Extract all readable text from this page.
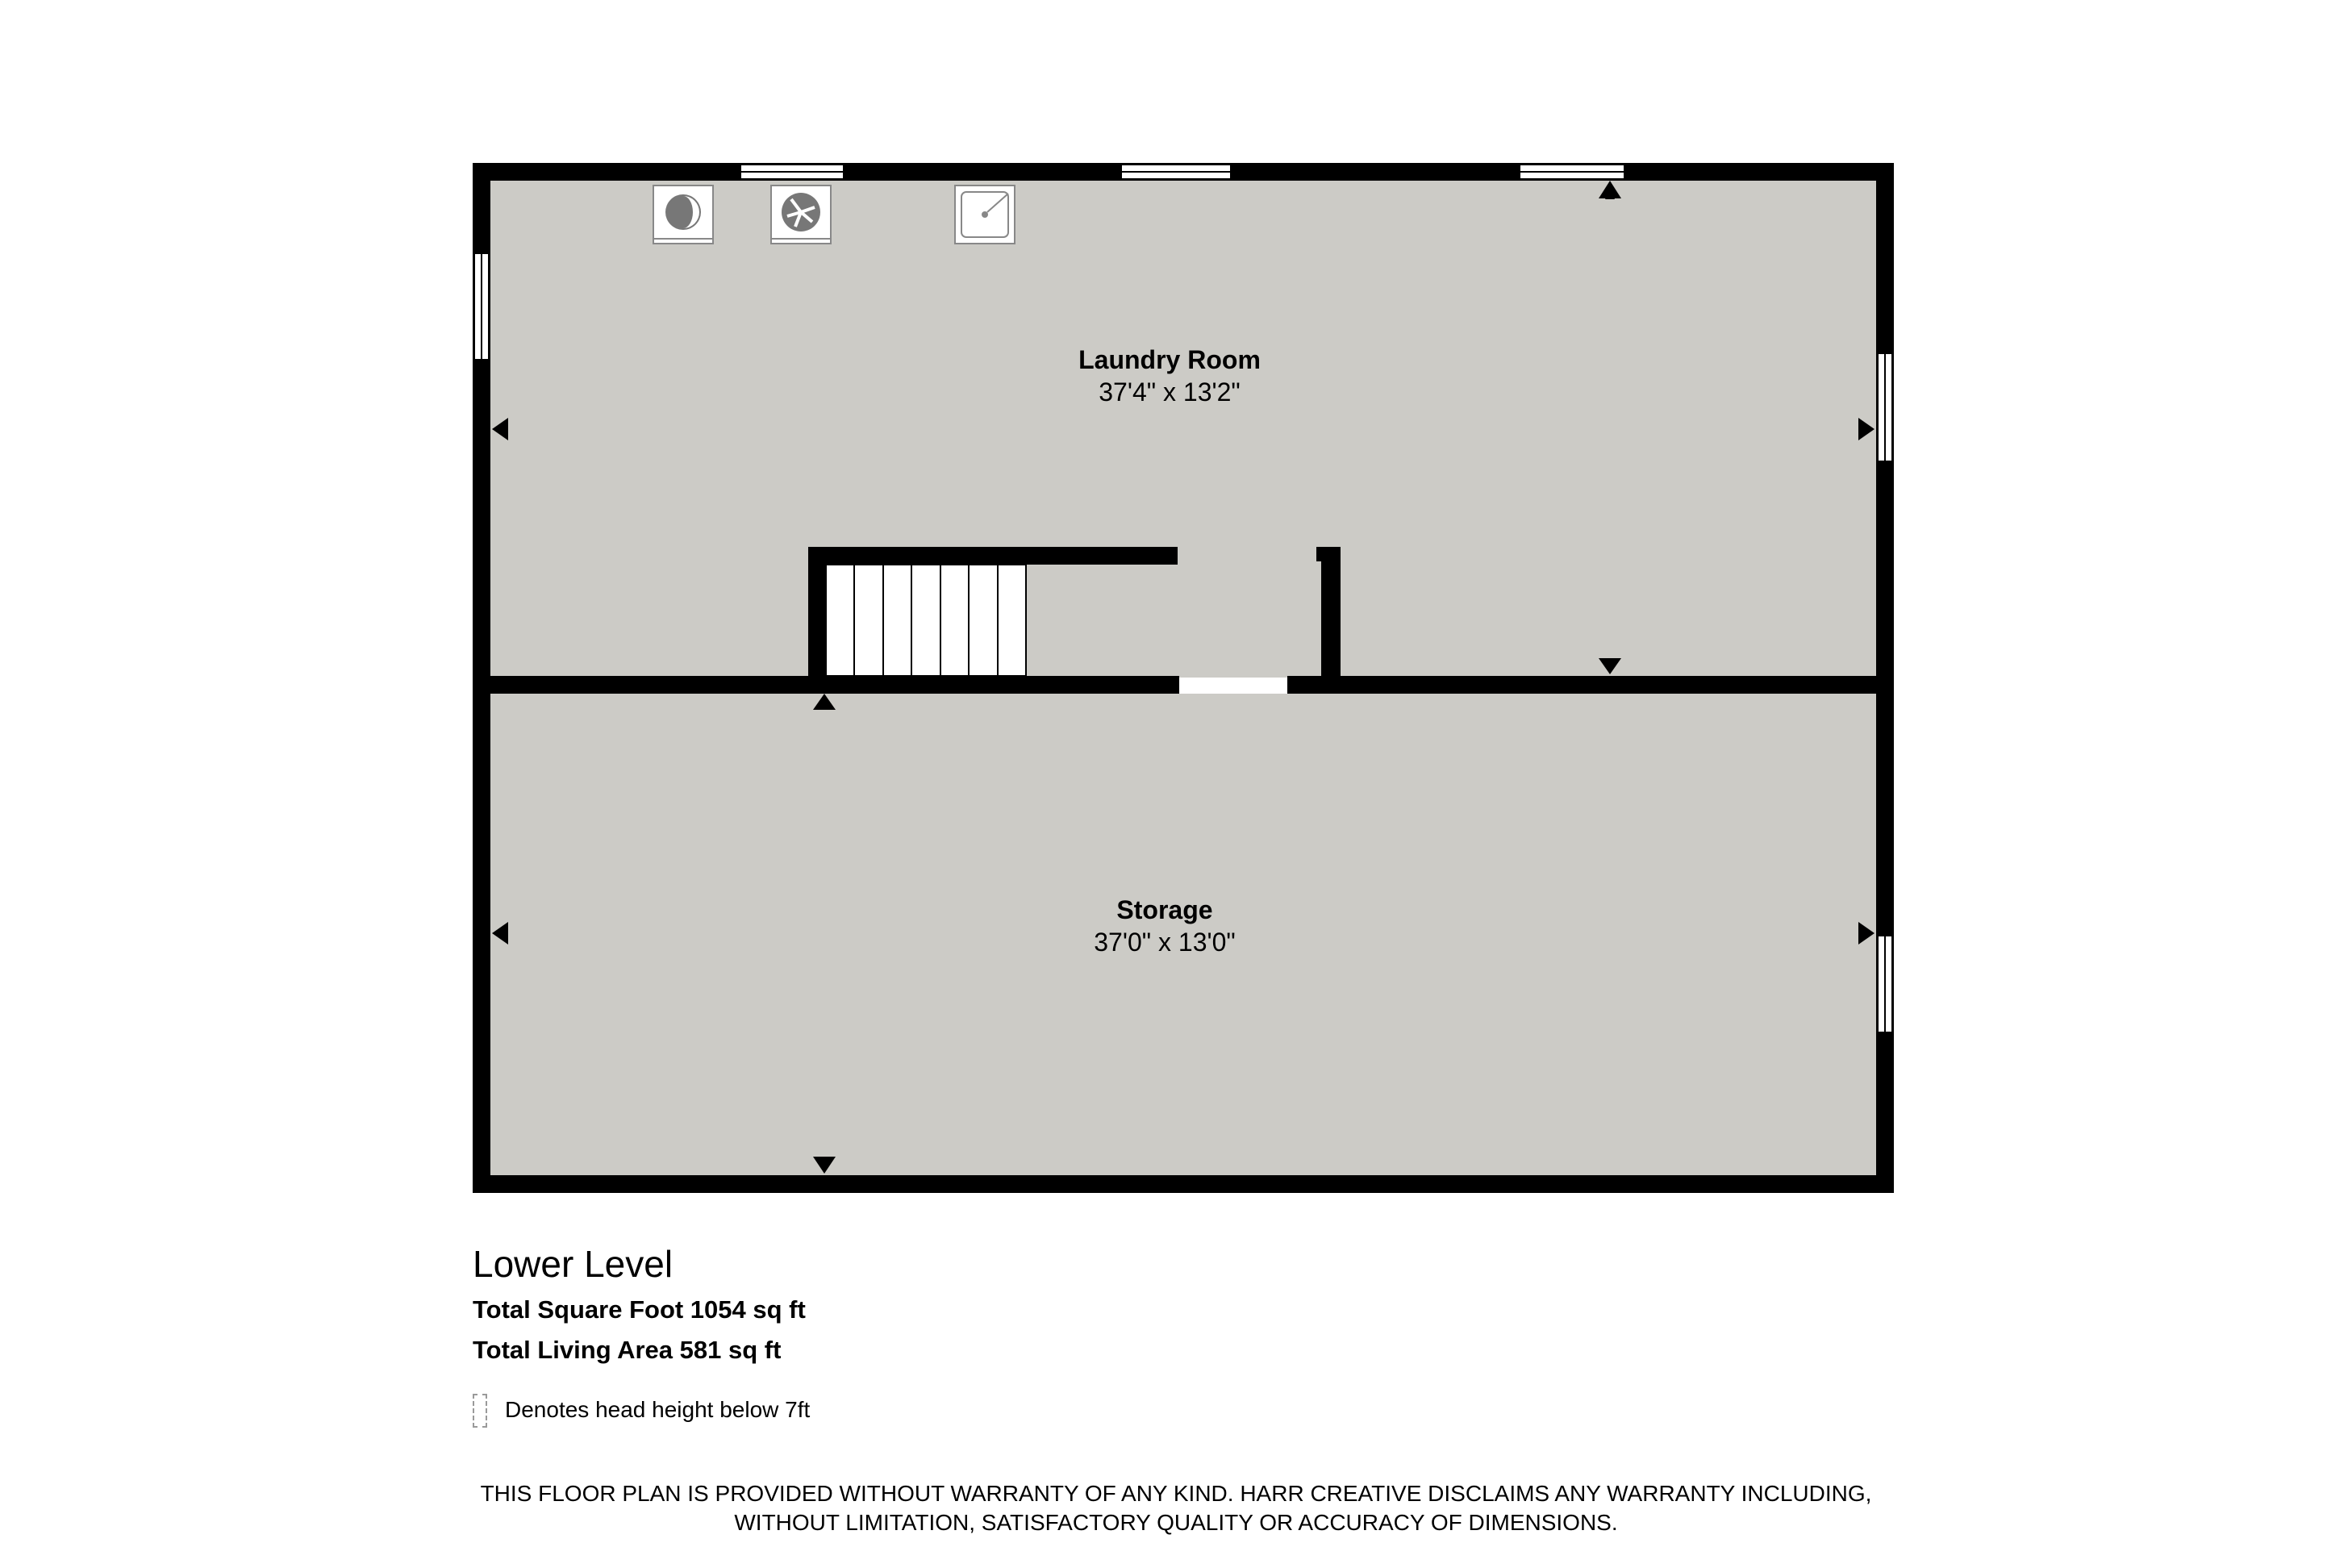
Laundry Room
37'4" x 13'2"
Storage
37'0" x 13'0"
Lower Level
Total Square Foot 1054 sq ft
Total Living Area 581 sq ft
Denotes head height below 7ft
THIS FLOOR PLAN IS PROVIDED WITHOUT WARRANTY OF ANY KIND. HARR CREATIVE DISCLAIMS ANY WARRANTY INCLUDING,
WITHOUT LIMITATION, SATISFACTORY QUALITY OR ACCURACY OF DIMENSIONS.
